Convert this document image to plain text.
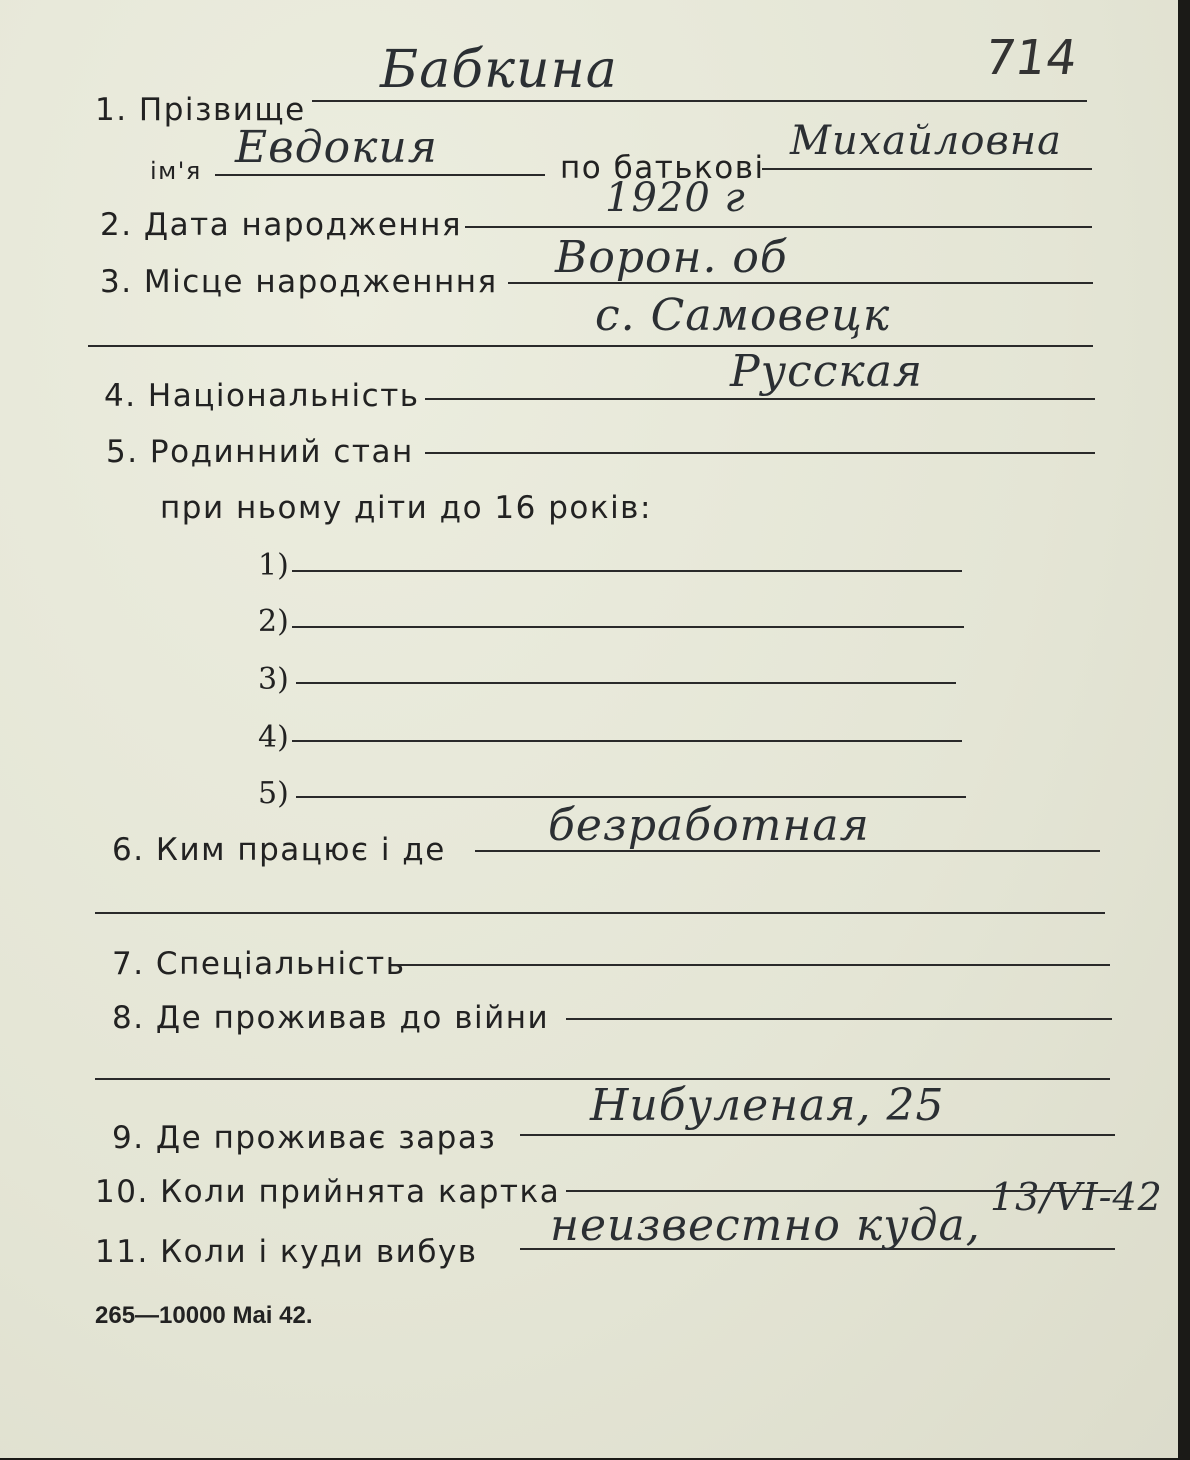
714
1. Прізвище
Бабкина
ім'я Евдокия	по батькові
Михайловна
2. Дата народження
1920 г
3. Місце народженння Ворон. об
с. Самовецк
4. Національність	Русская
5. Родинний стан
при ньому діти до 16 років:
1)
2)
3)
4)
5)
6. Ким працює і де безработная
7. Спеціальність
8. Де проживав до війни
9. Де проживає зараз
Нибуленая, 25
10. Коли прийнята картка
11. Коли і куди вибув
неизвестно куда,
13/VI-42
265—10000 Mai 42.
